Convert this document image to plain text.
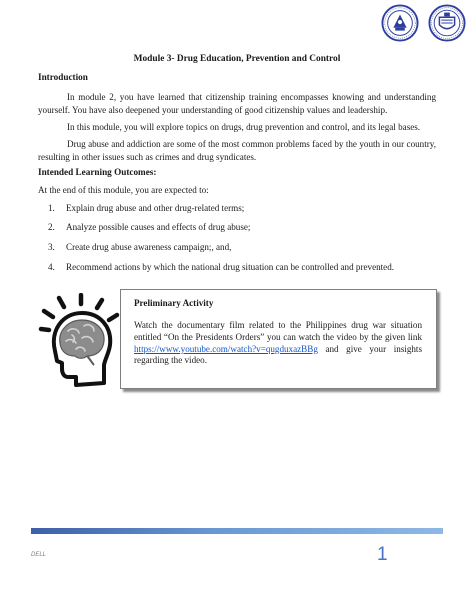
Module 3- Drug Education, Prevention and Control
Introduction

In module 2, you have learned that citizenship training encompasses knowing and understanding yourself. You have also deepened your understanding of good citizenship values and leadership.

In this module, you will explore topics on drugs, drug prevention and control, and its legal bases.

Drug abuse and addiction are some of the most common problems faced by the youth in our country, resulting in other issues such as crimes and drug syndicates.

Intended Learning Outcomes:

At the end of this module, you are expected to:

1. Explain drug abuse and other drug-related terms;
2. Analyze possible causes and effects of drug abuse;
3. Create drug abuse awareness campaign;, and,
4. Recommend actions by which the national drug situation can be controlled and prevented.
Preliminary Activity

Watch the documentary film related to the Philippines drug war situation entitled “On the Presidents Orders” you can watch the video by the given link https://www.youtube.com/watch?v=qugduxazBBg and give your insights regarding the video.

DELL	1
